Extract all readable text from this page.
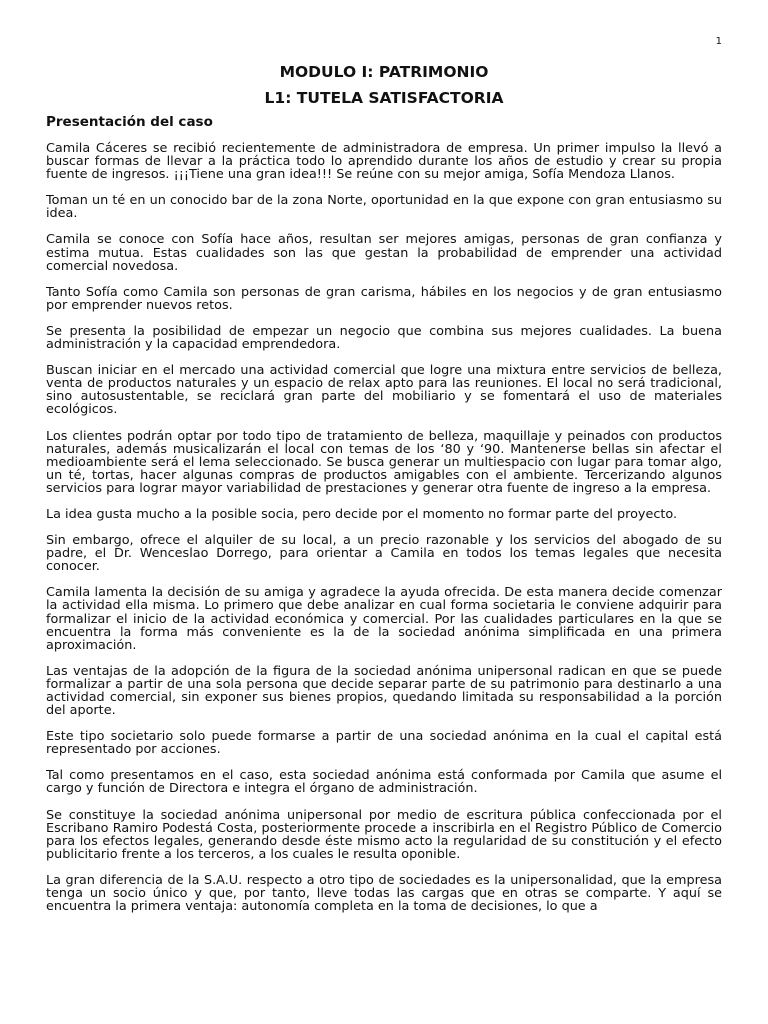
1
MODULO I: PATRIMONIO
L1: TUTELA SATISFACTORIA
Presentación del caso

Camila Cáceres se recibió recientemente de administradora de empresa. Un primer impulso la llevó a buscar formas de llevar a la práctica todo lo aprendido durante los años de estudio y crear su propia fuente de ingresos. ¡¡¡Tiene una gran idea!!! Se reúne con su mejor amiga, Sofía Mendoza Llanos.

Toman un té en un conocido bar de la zona Norte, oportunidad en la que expone con gran entusiasmo su idea.

Camila se conoce con Sofía hace años, resultan ser mejores amigas, personas de gran confianza y estima mutua. Estas cualidades son las que gestan la probabilidad de emprender una actividad comercial novedosa.

Tanto Sofía como Camila son personas de gran carisma, hábiles en los negocios y de gran entusiasmo por emprender nuevos retos.

Se presenta la posibilidad de empezar un negocio que combina sus mejores cualidades. La buena administración y la capacidad emprendedora.

Buscan iniciar en el mercado una actividad comercial que logre una mixtura entre servicios de belleza, venta de productos naturales y un espacio de relax apto para las reuniones. El local no será tradicional, sino autosustentable, se reciclará gran parte del mobiliario y se fomentará el uso de materiales ecológicos.

Los clientes podrán optar por todo tipo de tratamiento de belleza, maquillaje y peinados con productos naturales, además musicalizarán el local con temas de los ‘80 y ‘90. Mantenerse bellas sin afectar el medioambiente será el lema seleccionado. Se busca generar un multiespacio con lugar para tomar algo, un té, tortas, hacer algunas compras de productos amigables con el ambiente. Tercerizando algunos servicios para lograr mayor variabilidad de prestaciones y generar otra fuente de ingreso a la empresa.

La idea gusta mucho a la posible socia, pero decide por el momento no formar parte del proyecto.

Sin embargo, ofrece el alquiler de su local, a un precio razonable y los servicios del abogado de su padre, el Dr. Wenceslao Dorrego, para orientar a Camila en todos los temas legales que necesita conocer.

Camila lamenta la decisión de su amiga y agradece la ayuda ofrecida. De esta manera decide comenzar la actividad ella misma. Lo primero que debe analizar en cual forma societaria le conviene adquirir para formalizar el inicio de la actividad económica y comercial. Por las cualidades particulares en la que se encuentra la forma más conveniente es la de la sociedad anónima simplificada en una primera aproximación.

Las ventajas de la adopción de la figura de la sociedad anónima unipersonal radican en que se puede formalizar a partir de una sola persona que decide separar parte de su patrimonio para destinarlo a una actividad comercial, sin exponer sus bienes propios, quedando limitada su responsabilidad a la porción del aporte.

Este tipo societario solo puede formarse a partir de una sociedad anónima en la cual el capital está representado por acciones.

Tal como presentamos en el caso, esta sociedad anónima está conformada por Camila que asume el cargo y función de Directora e integra el órgano de administración.

Se constituye la sociedad anónima unipersonal por medio de escritura pública confeccionada por el Escribano Ramiro Podestá Costa, posteriormente procede a inscribirla en el Registro Público de Comercio para los efectos legales, generando desde éste mismo acto la regularidad de su constitución y el efecto publicitario frente a los terceros, a los cuales le resulta oponible.

La gran diferencia de la S.A.U. respecto a otro tipo de sociedades es la unipersonalidad, que la empresa tenga un socio único y que, por tanto, lleve todas las cargas que en otras se comparte. Y aquí se encuentra la primera ventaja: autonomía completa en la toma de decisiones, lo que a
